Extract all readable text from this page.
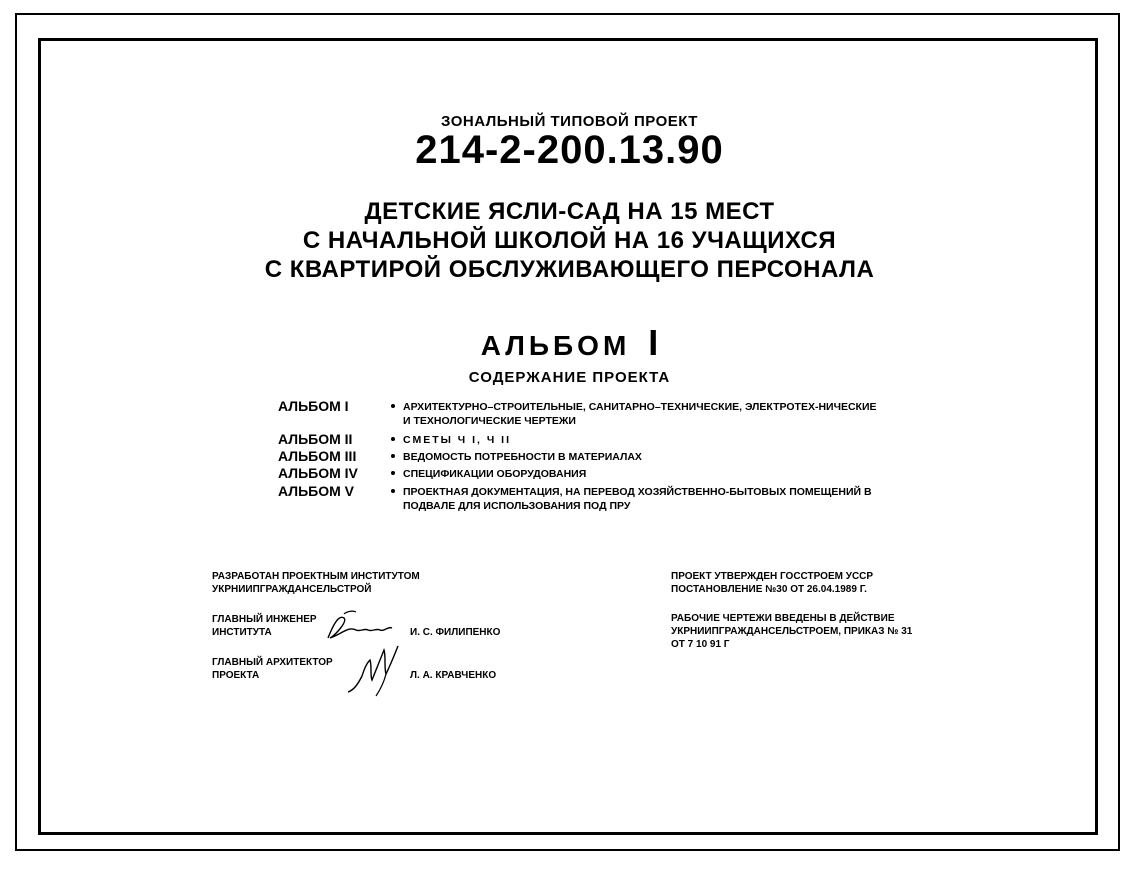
ЗОНАЛЬНЫЙ ТИПОВОЙ ПРОЕКТ
214-2-200.13.90
ДЕТСКИЕ ЯСЛИ-САД НА 15 МЕСТ
С НАЧАЛЬНОЙ ШКОЛОЙ НА 16 УЧАЩИХСЯ
С КВАРТИРОЙ ОБСЛУЖИВАЮЩЕГО ПЕРСОНАЛА
АЛЬБОМ I
СОДЕРЖАНИЕ ПРОЕКТА
АЛЬБОМ I	АРХИТЕКТУРНО–СТРОИТЕЛЬНЫЕ, САНИТАРНО–ТЕХНИЧЕСКИЕ, ЭЛЕКТРОТЕХ-НИЧЕСКИЕ И ТЕХНОЛОГИЧЕСКИЕ ЧЕРТЕЖИ
АЛЬБОМ II	СМЕТЫ Ч I, Ч II
АЛЬБОМ III	ВЕДОМОСТЬ ПОТРЕБНОСТИ В МАТЕРИАЛАХ
АЛЬБОМ IV	СПЕЦИФИКАЦИИ ОБОРУДОВАНИЯ
АЛЬБОМ V	ПРОЕКТНАЯ ДОКУМЕНТАЦИЯ, НА ПЕРЕВОД ХОЗЯЙСТВЕННО-БЫТОВЫХ ПОМЕЩЕНИЙ В ПОДВАЛЕ ДЛЯ ИСПОЛЬЗОВАНИЯ ПОД ПРУ
РАЗРАБОТАН ПРОЕКТНЫМ ИНСТИТУТОМ
УКРНИИПГРАЖДАНСЕЛЬСТРОЙ
ГЛАВНЫЙ ИНЖЕНЕР
ИНСТИТУТА	И. С. ФИЛИПЕНКО
ГЛАВНЫЙ АРХИТЕКТОР
ПРОЕКТА	Л. А. КРАВЧЕНКО
ПРОЕКТ УТВЕРЖДЕН ГОССТРОЕМ УССР
ПОСТАНОВЛЕНИЕ №30 ОТ 26.04.1989 Г.
РАБОЧИЕ ЧЕРТЕЖИ ВВЕДЕНЫ В ДЕЙСТВИЕ
УКРНИИПГРАЖДАНСЕЛЬСТРОЕМ, ПРИКАЗ № 31
ОТ 7 10 91 Г
